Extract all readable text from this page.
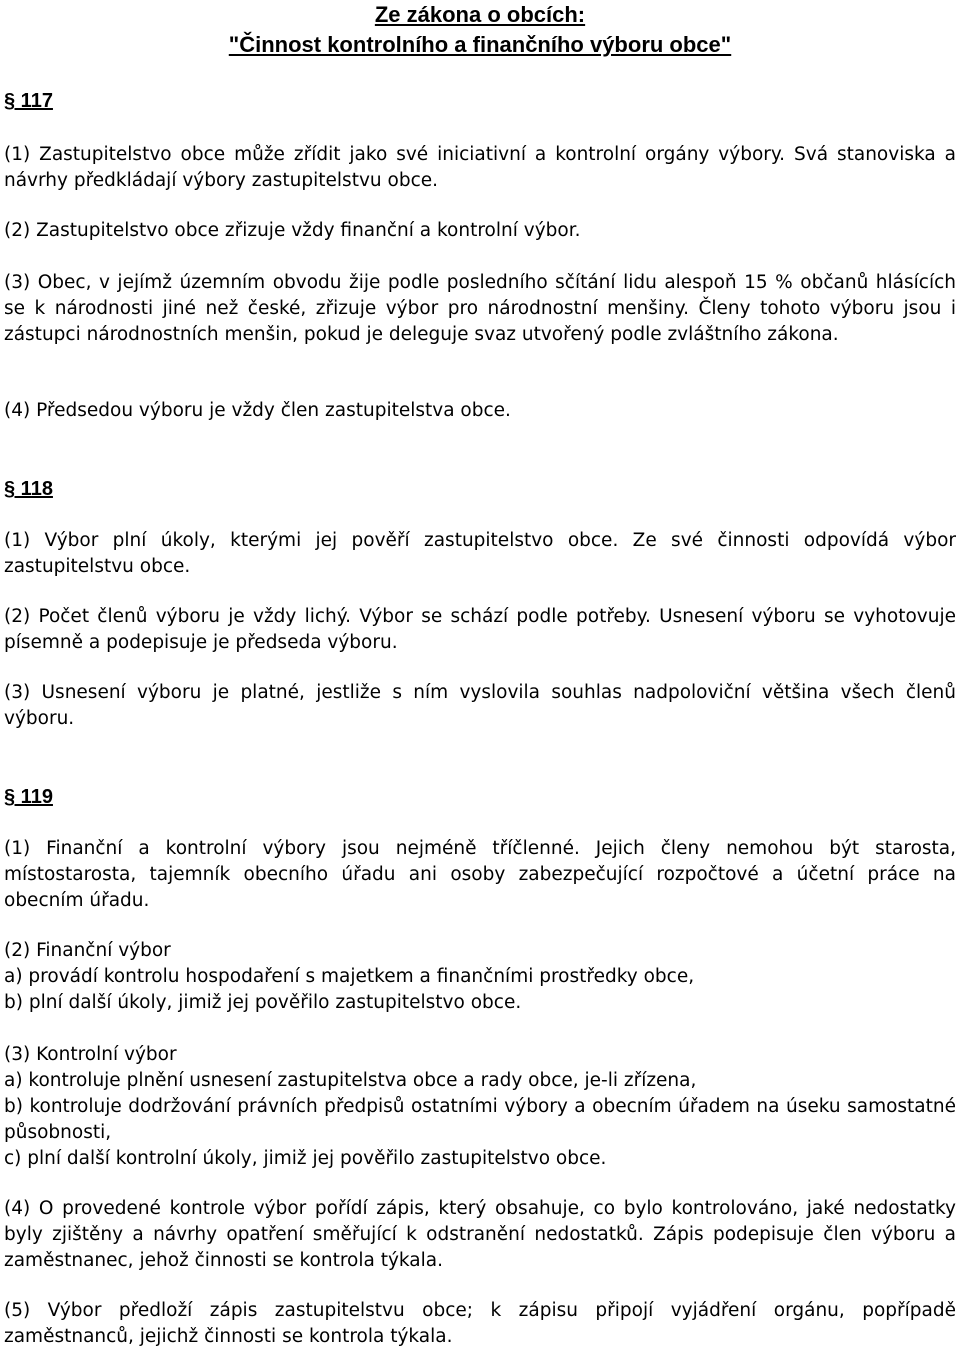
Ze zákona o obcích:
"Činnost kontrolního a finančního výboru obce"
§ 117
(1) Zastupitelstvo obce může zřídit jako své iniciativní a kontrolní orgány výbory. Svá stanoviska a návrhy předkládají výbory zastupitelstvu obce.
(2) Zastupitelstvo obce zřizuje vždy finanční a kontrolní výbor.
(3) Obec, v jejímž územním obvodu žije podle posledního sčítání lidu alespoň 15 % občanů hlásících se k národnosti jiné než české, zřizuje výbor pro národnostní menšiny. Členy tohoto výboru jsou i zástupci národnostních menšin, pokud je deleguje svaz utvořený podle zvláštního zákona.
(4) Předsedou výboru je vždy člen zastupitelstva obce.
§ 118
(1) Výbor plní úkoly, kterými jej pověří zastupitelstvo obce. Ze své činnosti odpovídá výbor zastupitelstvu obce.
(2) Počet členů výboru je vždy lichý. Výbor se schází podle potřeby. Usnesení výboru se vyhotovuje písemně a podepisuje je předseda výboru.
(3) Usnesení výboru je platné, jestliže s ním vyslovila souhlas nadpoloviční většina všech členů výboru.
§ 119
(1) Finanční a kontrolní výbory jsou nejméně tříčlenné. Jejich členy nemohou být starosta, místostarosta, tajemník obecního úřadu ani osoby zabezpečující rozpočtové a účetní práce na obecním úřadu.
(2) Finanční výbor
a) provádí kontrolu hospodaření s majetkem a finančními prostředky obce,
b) plní další úkoly, jimiž jej pověřilo zastupitelstvo obce.
(3) Kontrolní výbor
a) kontroluje plnění usnesení zastupitelstva obce a rady obce, je-li zřízena,
b) kontroluje dodržování právních předpisů ostatními výbory a obecním úřadem na úseku samostatné působnosti,
c) plní další kontrolní úkoly, jimiž jej pověřilo zastupitelstvo obce.
(4) O provedené kontrole výbor pořídí zápis, který obsahuje, co bylo kontrolováno, jaké nedostatky byly zjištěny a návrhy opatření směřující k odstranění nedostatků. Zápis podepisuje člen výboru a zaměstnanec, jehož činnosti se kontrola týkala.
(5) Výbor předloží zápis zastupitelstvu obce; k zápisu připojí vyjádření orgánu, popřípadě zaměstnanců, jejichž činnosti se kontrola týkala.
